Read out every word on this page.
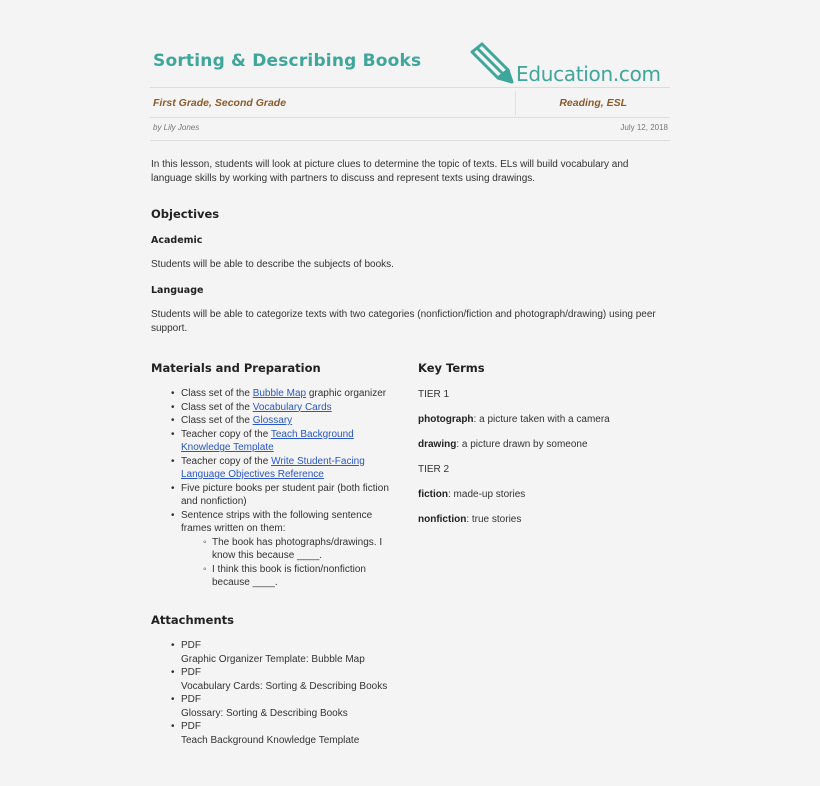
Sorting & Describing Books
Education.com
First Grade, Second Grade	Reading, ESL
by Lily Jones	July 12, 2018
In this lesson, students will look at picture clues to determine the topic of texts. ELs will build vocabulary and language skills by working with partners to discuss and represent texts using drawings.
Objectives
Academic
Students will be able to describe the subjects of books.
Language
Students will be able to categorize texts with two categories (nonfiction/fiction and photograph/drawing) using peer support.
Materials and Preparation
• Class set of the Bubble Map graphic organizer
• Class set of the Vocabulary Cards
• Class set of the Glossary
• Teacher copy of the Teach Background Knowledge Template
• Teacher copy of the Write Student-Facing Language Objectives Reference
• Five picture books per student pair (both fiction and nonfiction)
• Sentence strips with the following sentence frames written on them:
◦ The book has photographs/drawings. I know this because ____.
◦ I think this book is fiction/nonfiction because ____.
Key Terms
TIER 1
photograph: a picture taken with a camera
drawing: a picture drawn by someone
TIER 2
fiction: made-up stories
nonfiction: true stories
Attachments
• PDF
Graphic Organizer Template: Bubble Map
• PDF
Vocabulary Cards: Sorting & Describing Books
• PDF
Glossary: Sorting & Describing Books
• PDF
Teach Background Knowledge Template
